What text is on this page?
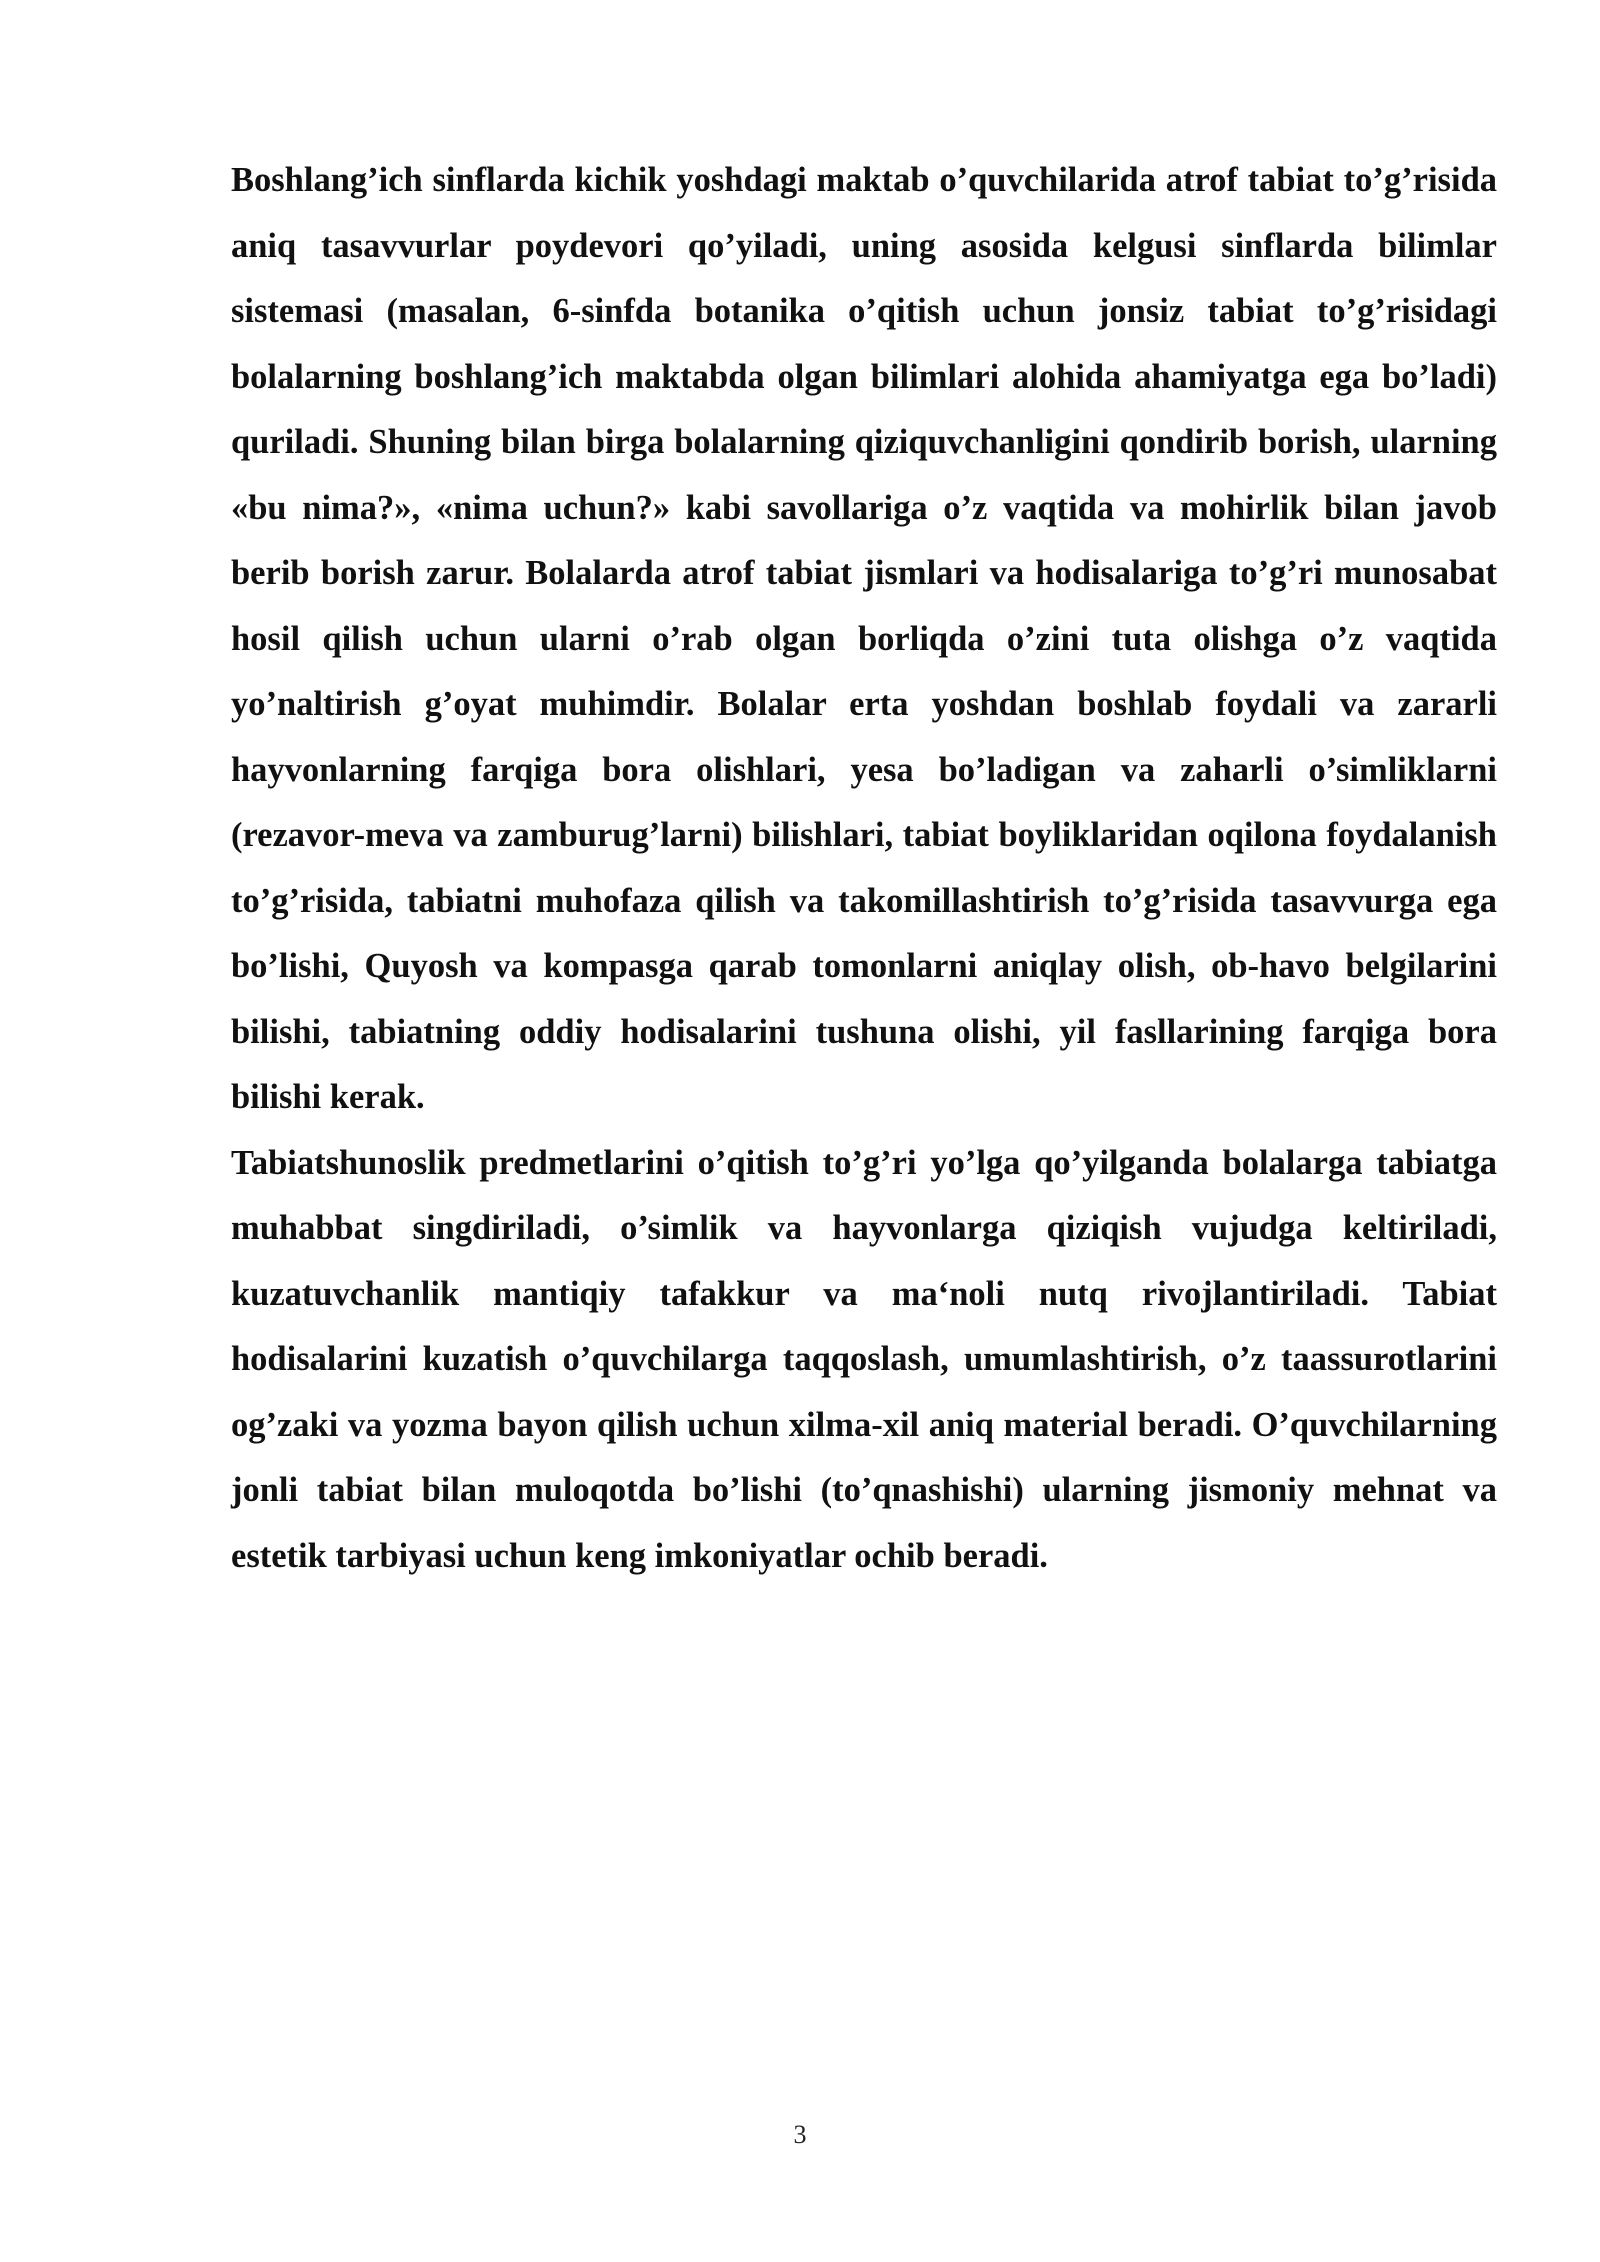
Boshlang’ich sinflarda kichik yoshdagi maktab o’quvchilarida atrof tabiat to’g’risida aniq tasavvurlar poydevori qo’yiladi, uning asosida kelgusi sinflarda bilimlar sistemasi (masalan, 6-sinfda botanika o’qitish uchun jonsiz tabiat to’g’risidagi bolalarning boshlang’ich maktabda olgan bilimlari alohida ahamiyatga ega bo’ladi) quriladi. Shuning bilan birga bolalarning qiziquvchanligini qondirib borish, ularning «bu nima?», «nima uchun?» kabi savollariga o’z vaqtida va mohirlik bilan javob berib borish zarur. Bolalarda atrof tabiat jismlari va hodisalariga to’g’ri munosabat hosil qilish uchun ularni o’rab olgan borliqda o’zini tuta olishga o’z vaqtida yo’naltirish g’oyat muhimdir. Bolalar erta yoshdan boshlab foydali va zararli hayvonlarning farqiga bora olishlari, yesa bo’ladigan va zaharli o’simliklarni (rezavor-meva va zamburug’larni) bilishlari, tabiat boyliklaridan oqilona foydalanish to’g’risida, tabiatni muhofaza qilish va takomillashtirish to’g’risida tasavvurga ega bo’lishi, Quyosh va kompasga qarab tomonlarni aniqlay olish, ob-havo belgilarini bilishi, tabiatning oddiy hodisalarini tushuna olishi, yil fasllarining farqiga bora bilishi kerak.

Tabiatshunoslik predmetlarini o’qitish to’g’ri yo’lga qo’yilganda bolalarga tabiatga muhabbat singdiriladi, o’simlik va hayvonlarga qiziqish vujudga keltiriladi, kuzatuvchanlik mantiqiy tafakkur va ma‘noli nutq rivojlantiriladi. Tabiat hodisalarini kuzatish o’quvchilarga taqqoslash, umumlashtirish, o’z taassurotlarini og’zaki va yozma bayon qilish uchun xilma-xil aniq material beradi. O’quvchilarning jonli tabiat bilan muloqotda bo’lishi (to’qnashishi) ularning jismoniy mehnat va estetik tarbiyasi uchun keng imkoniyatlar ochib beradi.

3
